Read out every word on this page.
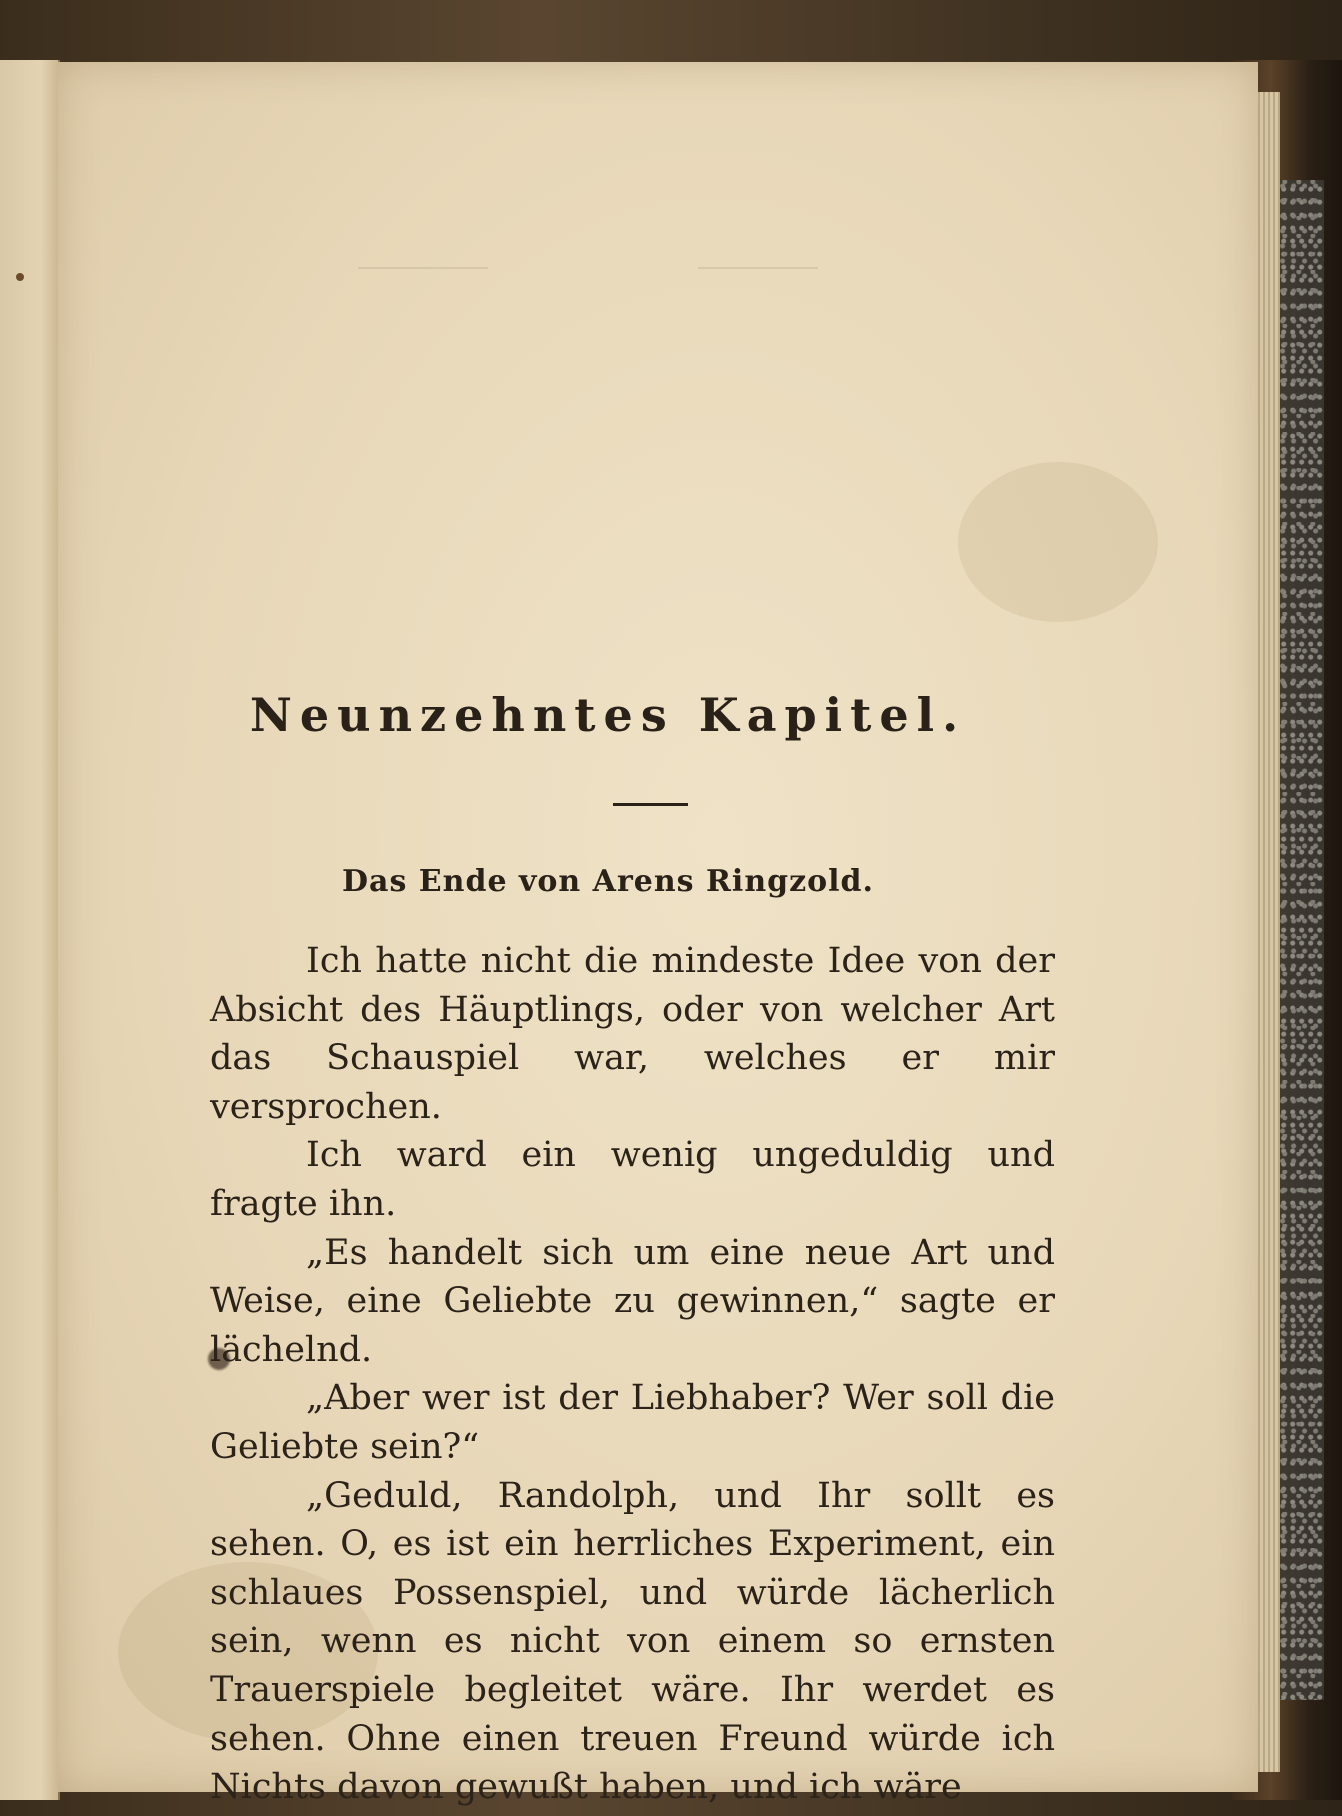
Neunzehntes Kapitel.
Das Ende von Arens Ringzold.

Ich hatte nicht die mindeste Idee von der Absicht des Häuptlings, oder von welcher Art das Schauspiel war, welches er mir versprochen.

Ich ward ein wenig ungeduldig und fragte ihn.

„Es handelt sich um eine neue Art und Weise, eine Geliebte zu gewinnen,“ sagte er lächelnd.

„Aber wer ist der Liebhaber? Wer soll die Geliebte sein?“

„Geduld, Randolph, und Ihr sollt es sehen. O, es ist ein herrliches Experiment, ein schlaues Possenspiel, und würde lächerlich sein, wenn es nicht von einem so ernsten Trauerspiele begleitet wäre. Ihr werdet es sehen. Ohne einen treuen Freund würde ich Nichts davon gewußt haben, und ich wäre
